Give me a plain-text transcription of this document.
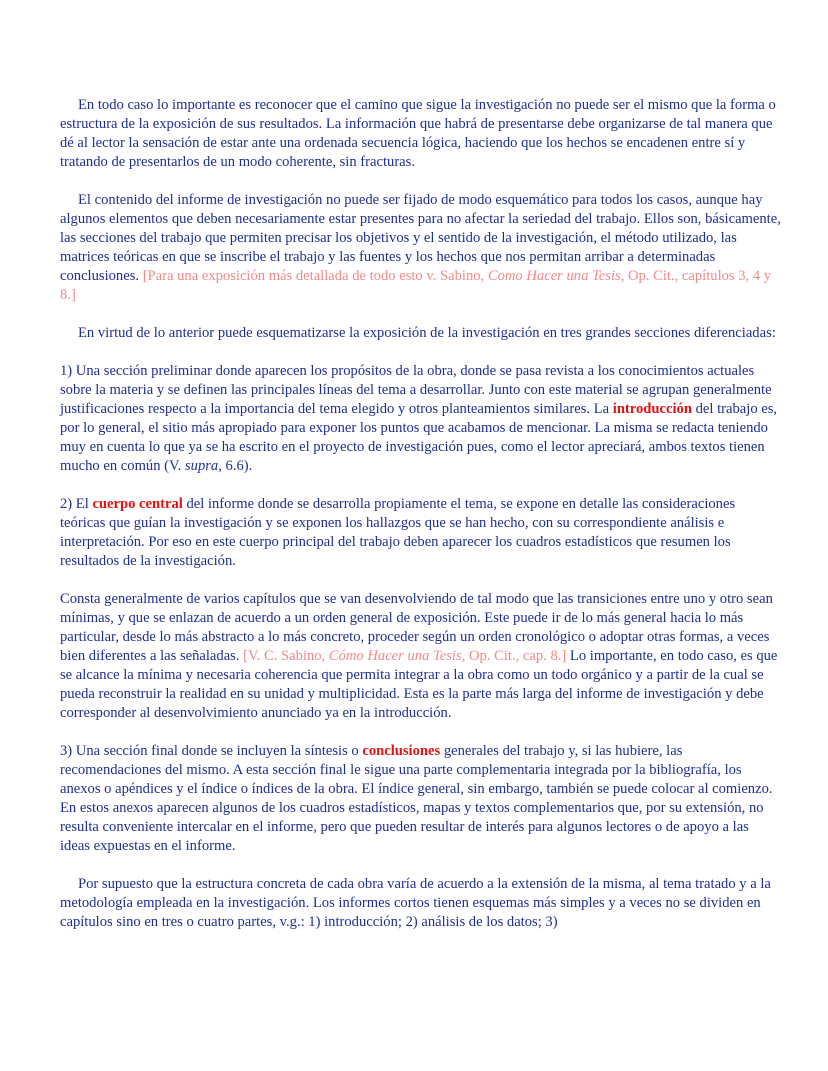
En todo caso lo importante es reconocer que el camino que sigue la investigación no puede ser el mismo que la forma o estructura de la exposición de sus resultados. La información que habrá de presentarse debe organizarse de tal manera que dé al lector la sensación de estar ante una ordenada secuencia lógica, haciendo que los hechos se encadenen entre sí y tratando de presentarlos de un modo coherente, sin fracturas.

El contenido del informe de investigación no puede ser fijado de modo esquemático para todos los casos, aunque hay algunos elementos que deben necesariamente estar presentes para no afectar la seriedad del trabajo. Ellos son, básicamente, las secciones del trabajo que permiten precisar los objetivos y el sentido de la investigación, el método utilizado, las matrices teóricas en que se inscribe el trabajo y las fuentes y los hechos que nos permitan arribar a determinadas conclusiones. [Para una exposición más detallada de todo esto v. Sabino, Como Hacer una Tesis, Op. Cit., capítulos 3, 4 y 8.]

En virtud de lo anterior puede esquematizarse la exposición de la investigación en tres grandes secciones diferenciadas:

1) Una sección preliminar donde aparecen los propósitos de la obra, donde se pasa revista a los conocimientos actuales sobre la materia y se definen las principales líneas del tema a desarrollar. Junto con este material se agrupan generalmente justificaciones respecto a la importancia del tema elegido y otros planteamientos similares. La introducción del trabajo es, por lo general, el sitio más apropiado para exponer los puntos que acabamos de mencionar. La misma se redacta teniendo muy en cuenta lo que ya se ha escrito en el proyecto de investigación pues, como el lector apreciará, ambos textos tienen mucho en común (V. supra, 6.6).

2) El cuerpo central del informe donde se desarrolla propiamente el tema, se expone en detalle las consideraciones teóricas que guían la investigación y se exponen los hallazgos que se han hecho, con su correspondiente análisis e interpretación. Por eso en este cuerpo principal del trabajo deben aparecer los cuadros estadísticos que resumen los resultados de la investigación.

Consta generalmente de varios capítulos que se van desenvolviendo de tal modo que las transiciones entre uno y otro sean mínimas, y que se enlazan de acuerdo a un orden general de exposición. Este puede ir de lo más general hacia lo más particular, desde lo más abstracto a lo más concreto, proceder según un orden cronológico o adoptar otras formas, a veces bien diferentes a las señaladas. [V. C. Sabino, Cómo Hacer una Tesis, Op. Cit., cap. 8.] Lo importante, en todo caso, es que se alcance la mínima y necesaria coherencia que permita integrar a la obra como un todo orgánico y a partir de la cual se pueda reconstruir la realidad en su unidad y multiplicidad. Esta es la parte más larga del informe de investigación y debe corresponder al desenvolvimiento anunciado ya en la introducción.

3) Una sección final donde se incluyen la síntesis o conclusiones generales del trabajo y, si las hubiere, las recomendaciones del mismo. A esta sección final le sigue una parte complementaria integrada por la bibliografía, los anexos o apéndices y el índice o índices de la obra. El índice general, sin embargo, también se puede colocar al comienzo. En estos anexos aparecen algunos de los cuadros estadísticos, mapas y textos complementarios que, por su extensión, no resulta conveniente intercalar en el informe, pero que pueden resultar de interés para algunos lectores o de apoyo a las ideas expuestas en el informe.

Por supuesto que la estructura concreta de cada obra varía de acuerdo a la extensión de la misma, al tema tratado y a la metodología empleada en la investigación. Los informes cortos tienen esquemas más simples y a veces no se dividen en capítulos sino en tres o cuatro partes, v.g.: 1) introducción; 2) análisis de los datos; 3)
